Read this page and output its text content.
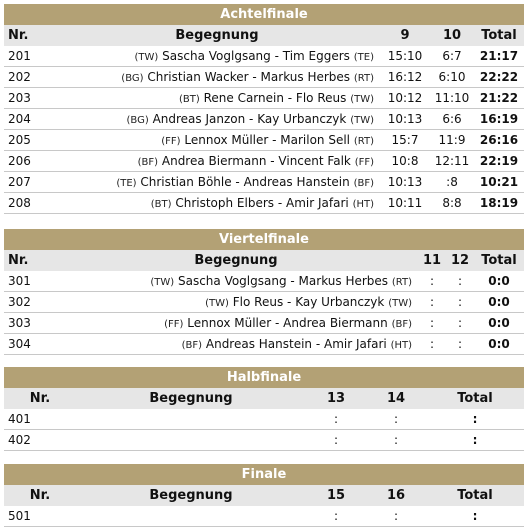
Achtelfinale
Nr.	Begegnung	9	10	Total
201	(TW) Sascha Voglgsang - Tim Eggers (TE)	15:10	6:7	21:17
202	(BG) Christian Wacker - Markus Herbes (RT)	16:12	6:10	22:22
203	(BT) Rene Carnein - Flo Reus (TW)	10:12	11:10	21:22
204	(BG) Andreas Janzon - Kay Urbanczyk (TW)	10:13	6:6	16:19
205	(FF) Lennox Müller - Marilon Sell (RT)	15:7	11:9	26:16
206	(BF) Andrea Biermann - Vincent Falk (FF)	10:8	12:11	22:19
207	(TE) Christian Böhle - Andreas Hanstein (BF)	10:13	:8	10:21
208	(BT) Christoph Elbers - Amir Jafari (HT)	10:11	8:8	18:19
Viertelfinale
Nr.	Begegnung	11	12	Total
301	(TW) Sascha Voglgsang - Markus Herbes (RT)	:	:	0:0
302	(TW) Flo Reus - Kay Urbanczyk (TW)	:	:	0:0
303	(FF) Lennox Müller - Andrea Biermann (BF)	:	:	0:0
304	(BF) Andreas Hanstein - Amir Jafari (HT)	:	:	0:0
Halbfinale
Nr.	Begegnung	13	14	Total
401		:	:	:
402		:	:	:
Finale
Nr.	Begegnung	15	16	Total
501		:	:	:
